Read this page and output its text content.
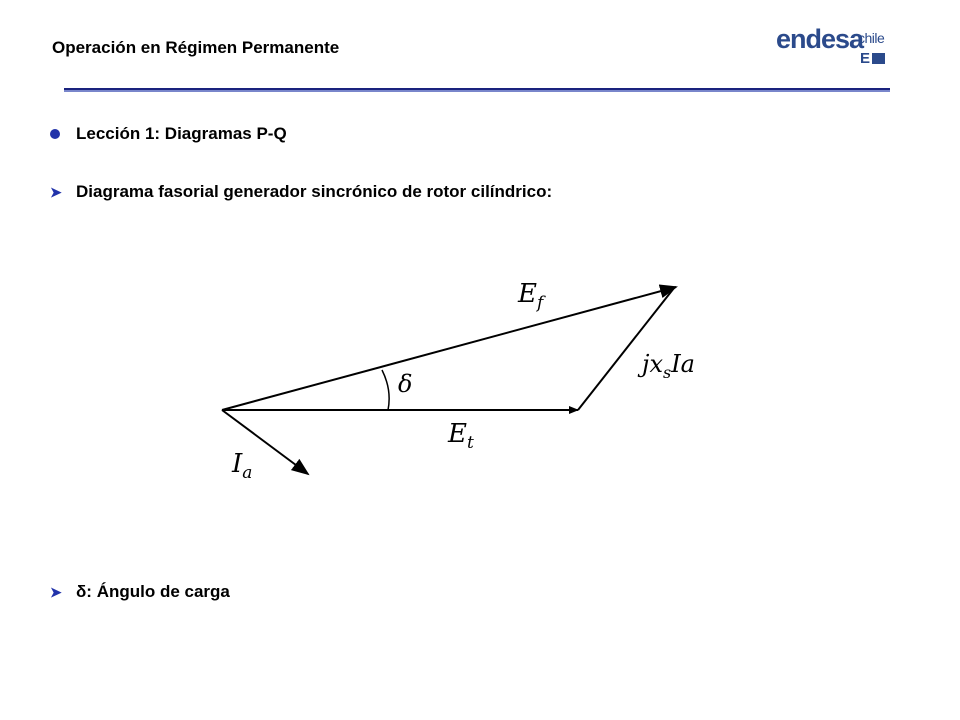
Operación en Régimen Permanente	endesa
chile
E
Lección 1: Diagramas P-Q
➤ Diagrama fasorial generador sincrónico de rotor cilíndrico:
➤ δ: Ángulo de carga
$E_f$
$E_t$
$I_a$
δ
$jx_sIa$
